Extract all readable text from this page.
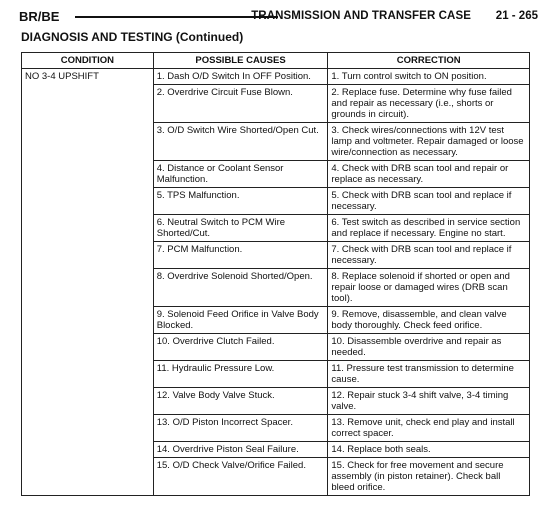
BR/BE	TRANSMISSION AND TRANSFER CASE 21 - 265
DIAGNOSIS AND TESTING (Continued)
CONDITION	POSSIBLE CAUSES	CORRECTION
NO 3-4 UPSHIFT	1. Dash O/D Switch In OFF Position.	1. Turn control switch to ON position.
	2. Overdrive Circuit Fuse Blown.	2. Replace fuse. Determine why fuse failed and repair as necessary (i.e., shorts or grounds in circuit).
	3. O/D Switch Wire Shorted/Open Cut.	3. Check wires/connections with 12V test lamp and voltmeter. Repair damaged or loose wire/connection as necessary.
	4. Distance or Coolant Sensor Malfunction.	4. Check with DRB scan tool and repair or replace as necessary.
	5. TPS Malfunction.	5. Check with DRB scan tool and replace if necessary.
	6. Neutral Switch to PCM Wire Shorted/Cut.	6. Test switch as described in service section and replace if necessary. Engine no start.
	7. PCM Malfunction.	7. Check with DRB scan tool and replace if necessary.
	8. Overdrive Solenoid Shorted/Open.	8. Replace solenoid if shorted or open and repair loose or damaged wires (DRB scan tool).
	9. Solenoid Feed Orifice in Valve Body Blocked.	9. Remove, disassemble, and clean valve body thoroughly. Check feed orifice.
	10. Overdrive Clutch Failed.	10. Disassemble overdrive and repair as needed.
	11. Hydraulic Pressure Low.	11. Pressure test transmission to determine cause.
	12. Valve Body Valve Stuck.	12. Repair stuck 3-4 shift valve, 3-4 timing valve.
	13. O/D Piston Incorrect Spacer.	13. Remove unit, check end play and install correct spacer.
	14. Overdrive Piston Seal Failure.	14. Replace both seals.
	15. O/D Check Valve/Orifice Failed.	15. Check for free movement and secure assembly (in piston retainer). Check ball bleed orifice.
